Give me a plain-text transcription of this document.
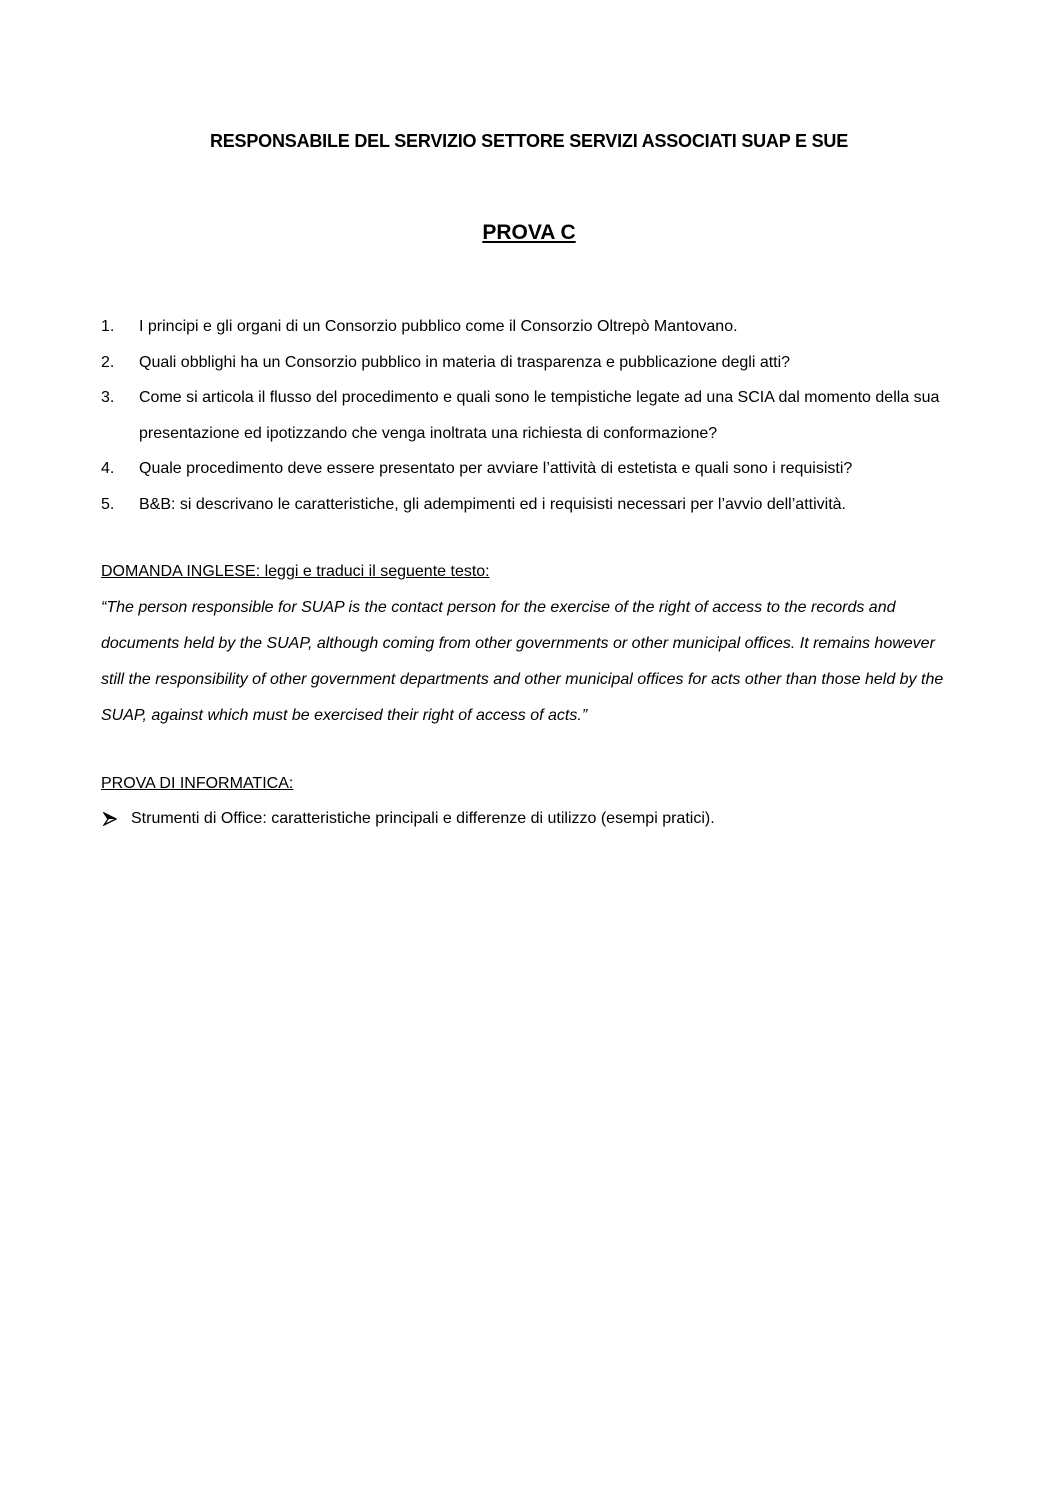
RESPONSABILE DEL SERVIZIO SETTORE SERVIZI ASSOCIATI SUAP E SUE
PROVA C
1. I principi e gli organi di un Consorzio pubblico come il Consorzio Oltrepò Mantovano.
2. Quali obblighi ha un Consorzio pubblico in materia di trasparenza e pubblicazione degli atti?
3. Come si articola il flusso del procedimento e quali sono le tempistiche legate ad una SCIA dal momento della sua presentazione ed ipotizzando che venga inoltrata una richiesta di conformazione?
4. Quale procedimento deve essere presentato per avviare l’attività di estetista e quali sono i requisisti?
5. B&B: si descrivano le caratteristiche, gli adempimenti ed i requisisti necessari per l’avvio dell’attività.

DOMANDA INGLESE: leggi e traduci il seguente testo:

“The person responsible for SUAP is the contact person for the exercise of the right of access to the records and documents held by the SUAP, although coming from other governments or other municipal offices. It remains however still the responsibility of other government departments and other municipal offices for acts other than those held by the SUAP, against which must be exercised their right of access of acts.”

PROVA DI INFORMATICA:

Strumenti di Office: caratteristiche principali e differenze di utilizzo (esempi pratici).
